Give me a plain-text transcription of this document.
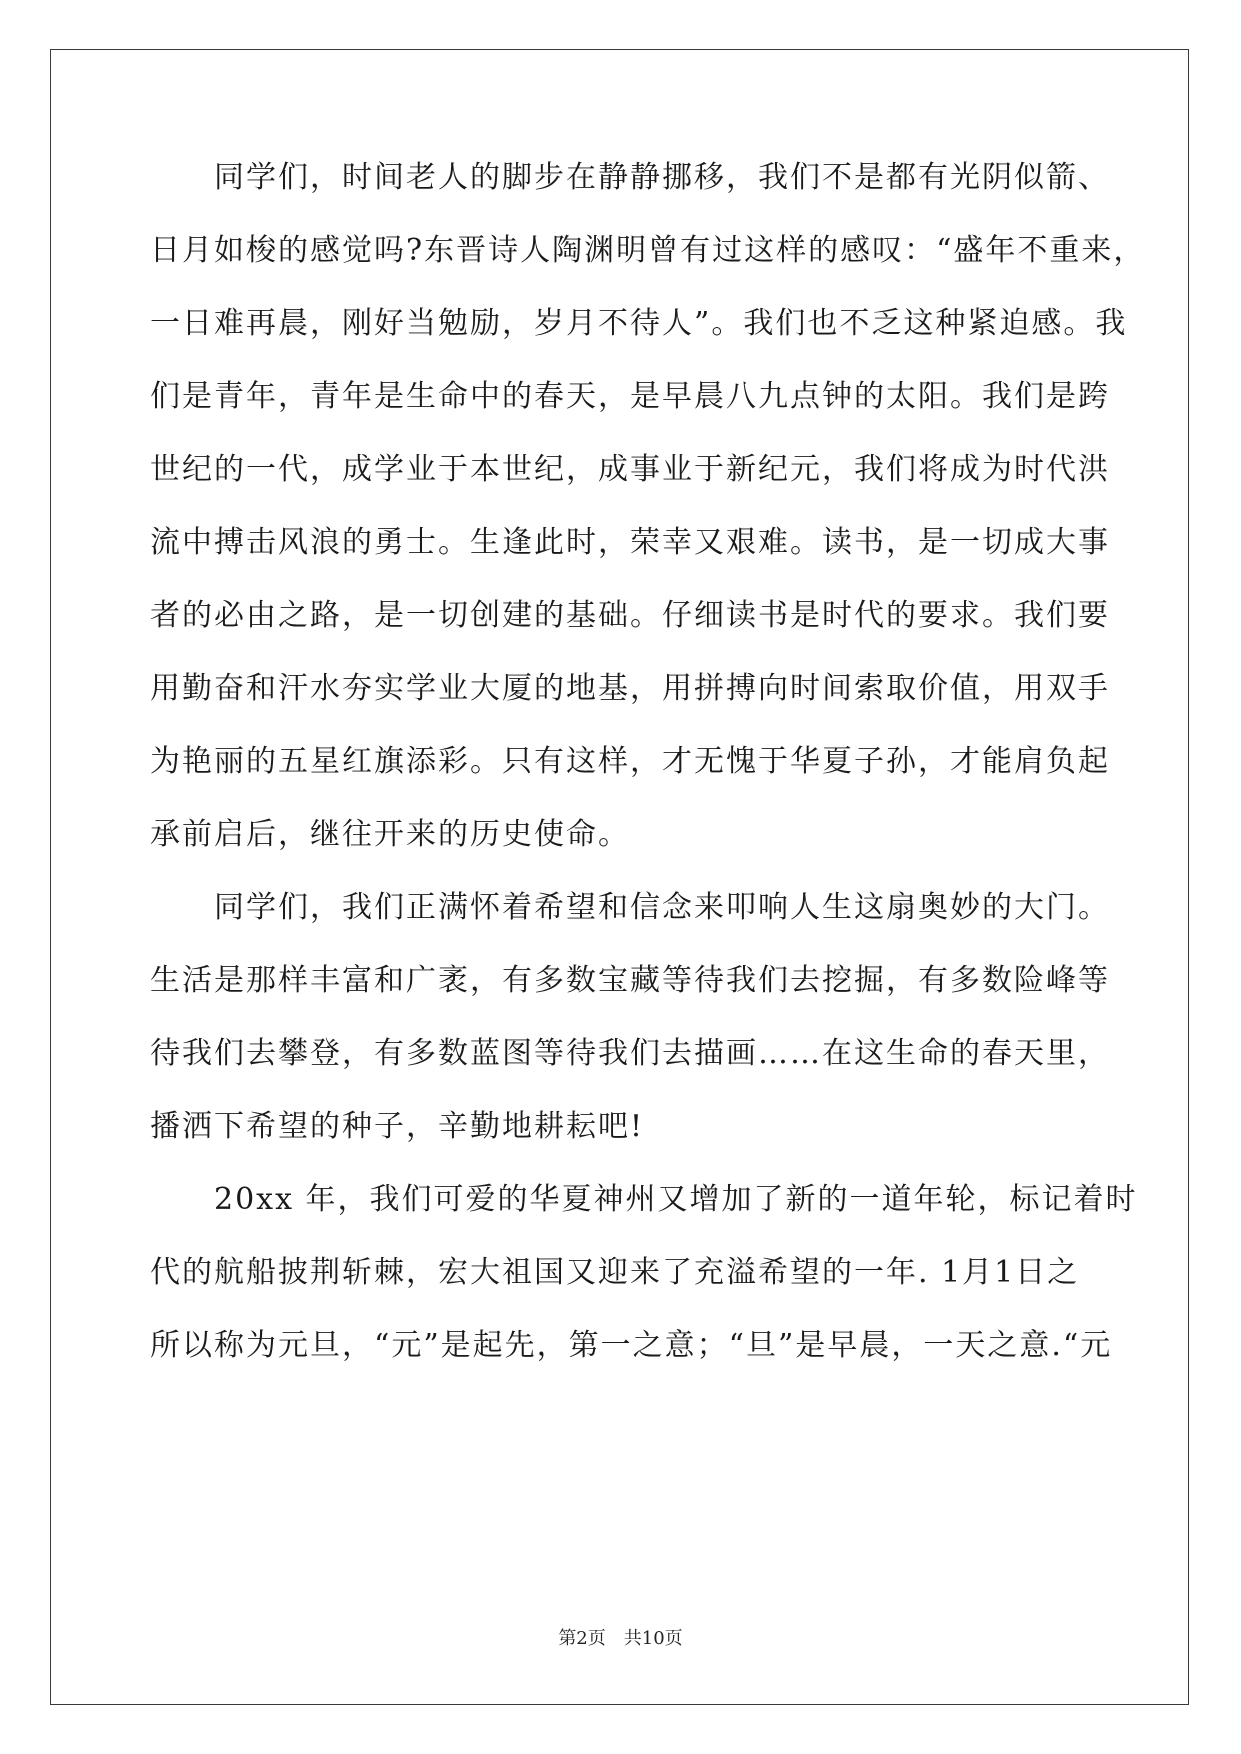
同学们，时间老人的脚步在静静挪移，我们不是都有光阴似箭、
日月如梭的感觉吗?东晋诗人陶渊明曾有过这样的感叹：“盛年不重来，
一日难再晨，刚好当勉励，岁月不待人”。我们也不乏这种紧迫感。我
们是青年，青年是生命中的春天，是早晨八九点钟的太阳。我们是跨
世纪的一代，成学业于本世纪，成事业于新纪元，我们将成为时代洪
流中搏击风浪的勇士。生逢此时，荣幸又艰难。读书，是一切成大事
者的必由之路，是一切创建的基础。仔细读书是时代的要求。我们要
用勤奋和汗水夯实学业大厦的地基，用拼搏向时间索取价值，用双手
为艳丽的五星红旗添彩。只有这样，才无愧于华夏子孙，才能肩负起
承前启后，继往开来的历史使命。
同学们，我们正满怀着希望和信念来叩响人生这扇奥妙的大门。
生活是那样丰富和广袤，有多数宝藏等待我们去挖掘，有多数险峰等
待我们去攀登，有多数蓝图等待我们去描画……在这生命的春天里，
播洒下希望的种子，辛勤地耕耘吧!
20xx 年，我们可爱的华夏神州又增加了新的一道年轮，标记着时
代的航船披荆斩棘，宏大祖国又迎来了充溢希望的一年. 1月1日之
所以称为元旦，“元”是起先，第一之意；“旦”是早晨，一天之意.“元
第2页 共10页
